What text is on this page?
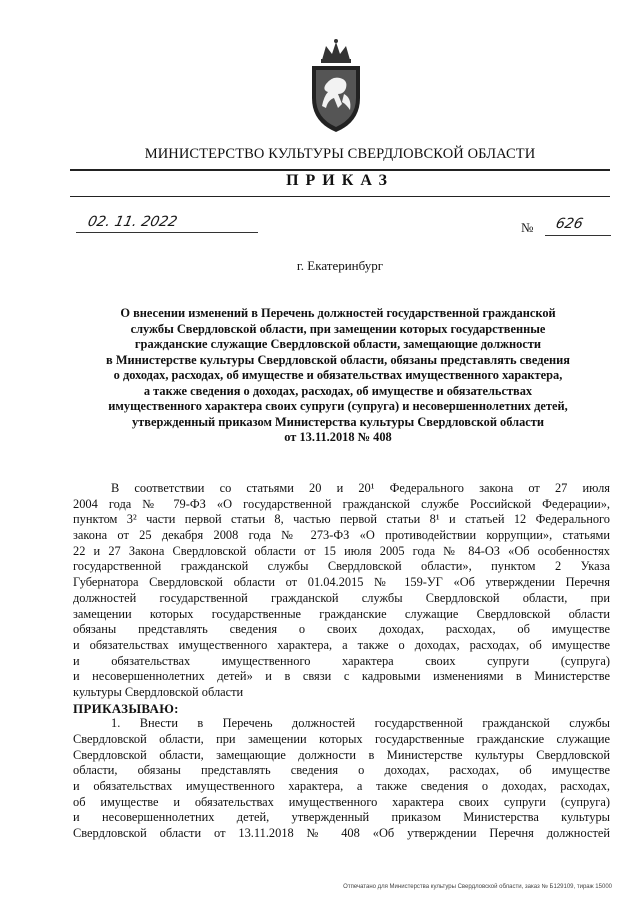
МИНИСТЕРСТВО КУЛЬТУРЫ СВЕРДЛОВСКОЙ ОБЛАСТИ
ПРИКАЗ
02. 11. 2022	№ 626
г. Екатеринбург
О внесении изменений в Перечень должностей государственной гражданской
службы Свердловской области, при замещении которых государственные
гражданские служащие Свердловской области, замещающие должности
в Министерстве культуры Свердловской области, обязаны представлять сведения
о доходах, расходах, об имуществе и обязательствах имущественного характера,
а также сведения о доходах, расходах, об имуществе и обязательствах
имущественного характера своих супруги (супруга) и несовершеннолетних детей,
утвержденный приказом Министерства культуры Свердловской области
от 13.11.2018 № 408
В соответствии со статьями 20 и 20¹ Федерального закона от 27 июля
2004 года № 79-ФЗ «О государственной гражданской службе Российской Федерации»,
пунктом 3² части первой статьи 8, частью первой статьи 8¹ и статьей 12 Федерального
закона от 25 декабря 2008 года № 273-ФЗ «О противодействии коррупции», статьями
22 и 27 Закона Свердловской области от 15 июля 2005 года № 84-ОЗ «Об особенностях
государственной гражданской службы Свердловской области», пунктом 2 Указа
Губернатора Свердловской области от 01.04.2015 № 159-УГ «Об утверждении Перечня
должностей государственной гражданской службы Свердловской области, при
замещении которых государственные гражданские служащие Свердловской области
обязаны представлять сведения о своих доходах, расходах, об имуществе
и обязательствах имущественного характера, а также о доходах, расходах, об имуществе
и обязательствах имущественного характера своих супруги (супруга)
и несовершеннолетних детей» и в связи с кадровыми изменениями в Министерстве
культуры Свердловской области
ПРИКАЗЫВАЮ:
1. Внести в Перечень должностей государственной гражданской службы
Свердловской области, при замещении которых государственные гражданские служащие
Свердловской области, замещающие должности в Министерстве культуры Свердловской
области, обязаны представлять сведения о доходах, расходах, об имуществе
и обязательствах имущественного характера, а также сведения о доходах, расходах,
об имуществе и обязательствах имущественного характера своих супруги (супруга)
и несовершеннолетних детей, утвержденный приказом Министерства культуры
Свердловской области от 13.11.2018 № 408 «Об утверждении Перечня должностей
Отпечатано для Министерства культуры Свердловской области, заказ № Б129109, тираж 15000
